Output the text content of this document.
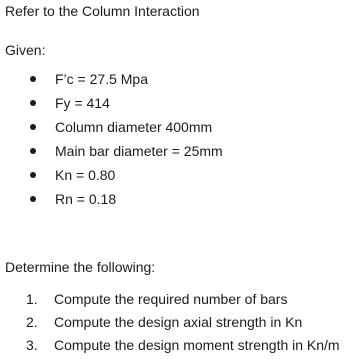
Refer to the Column Interaction
Given:
F’c = 27.5 Mpa
Fy = 414
Column diameter 400mm
Main bar diameter = 25mm
Kn = 0.80
Rn = 0.18
Determine the following:
1. Compute the required number of bars
2. Compute the design axial strength in Kn
3. Compute the design moment strength in Kn/m
